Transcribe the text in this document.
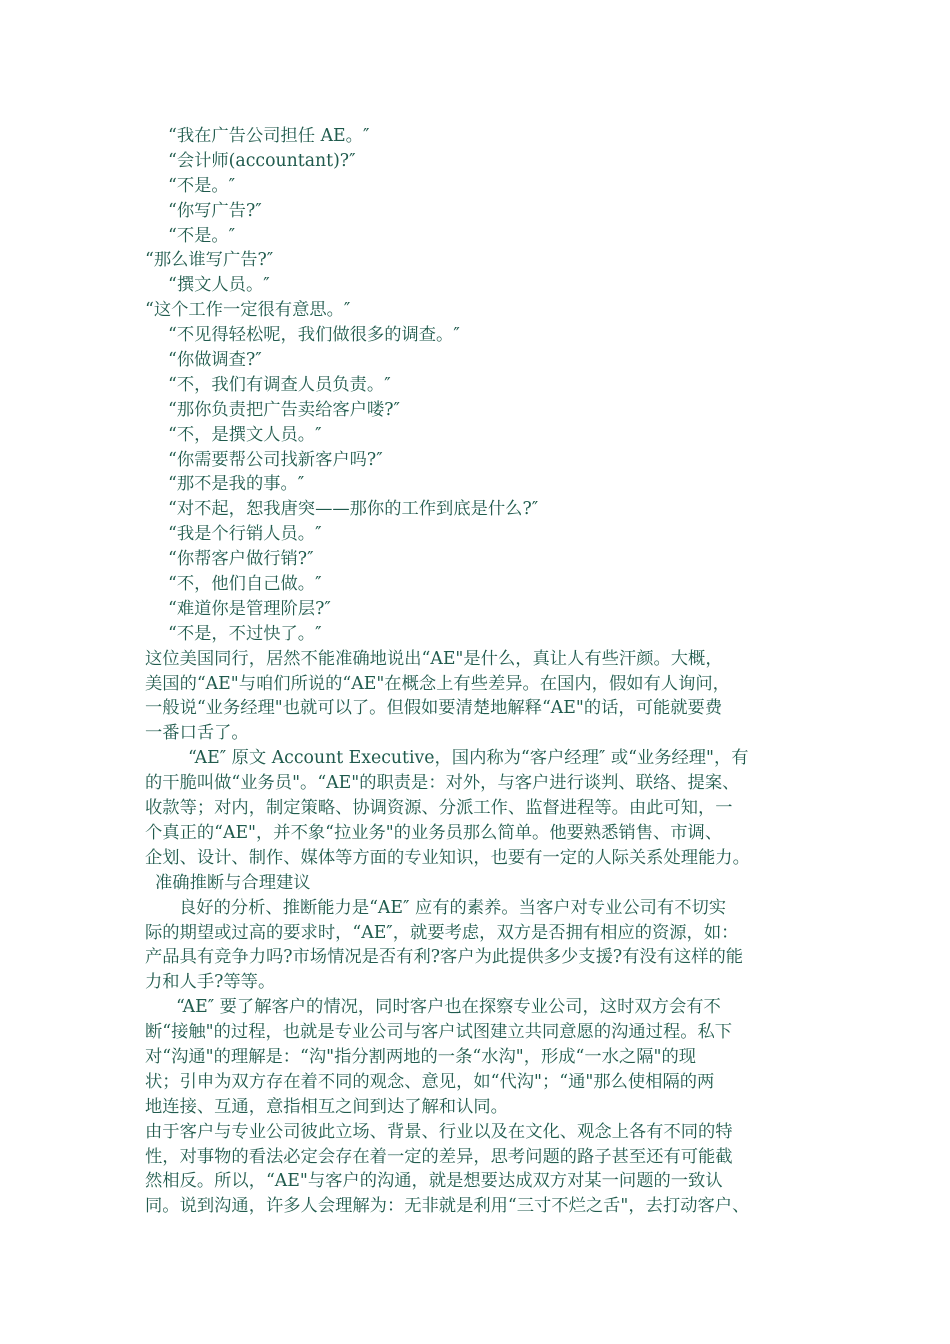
“我在广告公司担任 AE。″
“会计师(accountant)?″
“不是。″
“你写广告?″
“不是。″
“那么谁写广告?″
“撰文人员。″
“这个工作一定很有意思。″
“不见得轻松呢，我们做很多的调查。″
“你做调查?″
“不，我们有调查人员负责。″
“那你负责把广告卖给客户喽?″
“不，是撰文人员。″
“你需要帮公司找新客户吗?″
“那不是我的事。″
“对不起，恕我唐突——那你的工作到底是什么?″
“我是个行销人员。″
“你帮客户做行销?″
“不，他们自己做。″
“难道你是管理阶层?″
“不是，不过快了。″
这位美国同行，居然不能准确地说出“AE"是什么，真让人有些汗颜。大概，
美国的“AE"与咱们所说的“AE"在概念上有些差异。在国内，假如有人询问，
一般说“业务经理"也就可以了。但假如要清楚地解释“AE"的话，可能就要费
一番口舌了。
“AE″ 原文 Account Executive，国内称为“客户经理″ 或“业务经理"，有
的干脆叫做“业务员"。“AE"的职责是：对外，与客户进行谈判、联络、提案、
收款等；对内，制定策略、协调资源、分派工作、监督进程等。由此可知，一
个真正的“AE"，并不象“拉业务"的业务员那么简单。他要熟悉销售、市调、
企划、设计、制作、媒体等方面的专业知识，也要有一定的人际关系处理能力。
准确推断与合理建议
良好的分析、推断能力是“AE″ 应有的素养。当客户对专业公司有不切实
际的期望或过高的要求时，“AE″，就要考虑，双方是否拥有相应的资源，如：
产品具有竞争力吗?市场情况是否有利?客户为此提供多少支援?有没有这样的能
力和人手?等等。
“AE″ 要了解客户的情况，同时客户也在探察专业公司，这时双方会有不
断“接触"的过程，也就是专业公司与客户试图建立共同意愿的沟通过程。私下
对“沟通"的理解是：“沟"指分割两地的一条“水沟"，形成“一水之隔"的现
状；引申为双方存在着不同的观念、意见，如“代沟"；“通"那么使相隔的两
地连接、互通，意指相互之间到达了解和认同。
由于客户与专业公司彼此立场、背景、行业以及在文化、观念上各有不同的特
性，对事物的看法必定会存在着一定的差异，思考问题的路子甚至还有可能截
然相反。所以，“AE"与客户的沟通，就是想要达成双方对某一问题的一致认
同。说到沟通，许多人会理解为：无非就是利用“三寸不烂之舌"，去打动客户、
